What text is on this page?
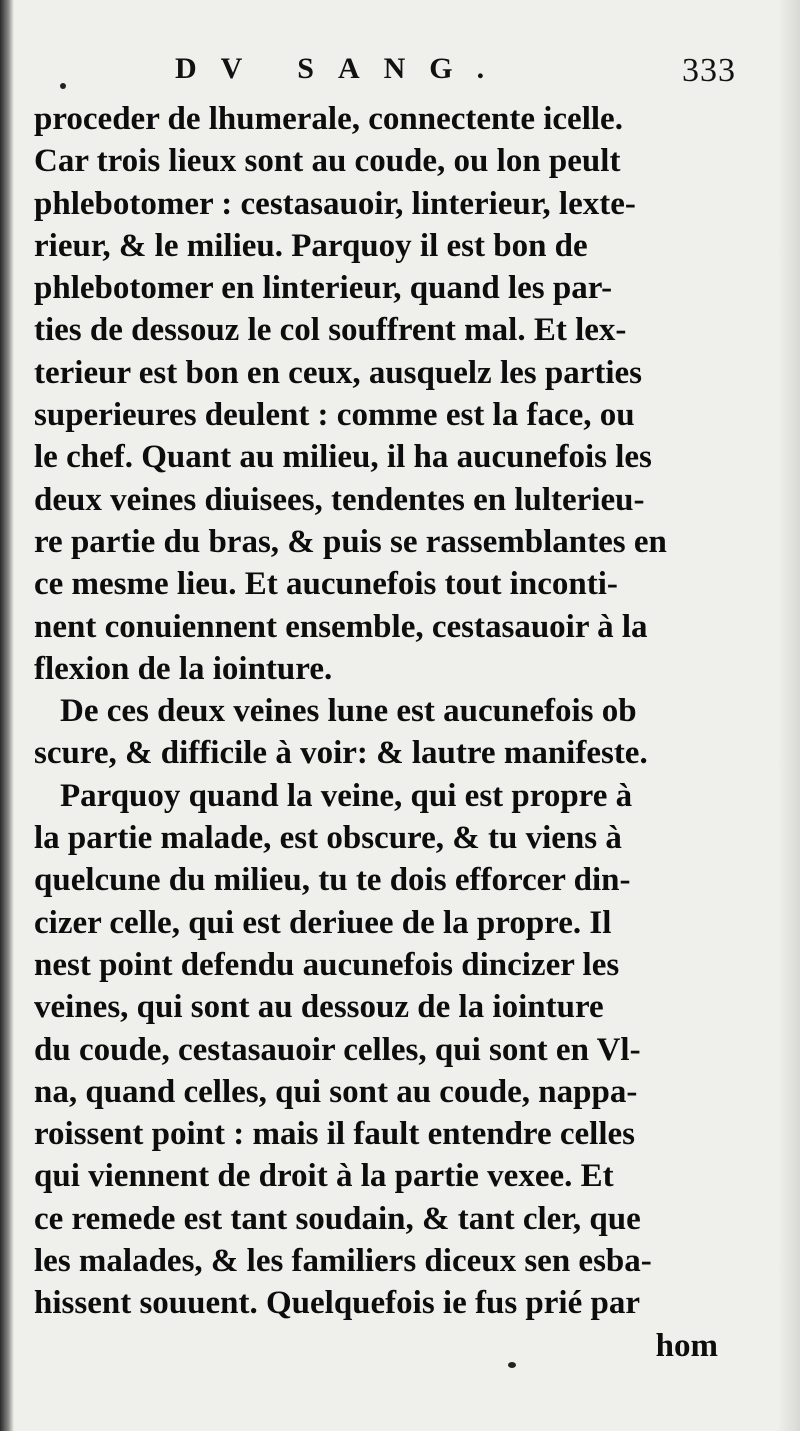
DV SANG.	333
proceder de lhumerale, connectente icelle.
Car trois lieux sont au coude, ou lon peult
phlebotomer : cestasauoir, linterieur, lexte-
rieur, & le milieu. Parquoy il est bon de
phlebotomer en linterieur, quand les par-
ties de dessouz le col souffrent mal. Et lex-
terieur est bon en ceux, ausquelz les parties
superieures deulent : comme est la face, ou
le chef. Quant au milieu, il ha aucunefois les
deux veines diuisees, tendentes en lulterieu-
re partie du bras, & puis se rassemblantes en
ce mesme lieu. Et aucunefois tout inconti-
nent conuiennent ensemble, cestasauoir à la
flexion de la iointure.
De ces deux veines lune est aucunefois ob
scure, & difficile à voir: & lautre manifeste.
Parquoy quand la veine, qui est propre à
la partie malade, est obscure, & tu viens à
quelcune du milieu, tu te dois efforcer din-
cizer celle, qui est deriuee de la propre. Il
nest point defendu aucunefois dincizer les
veines, qui sont au dessouz de la iointure
du coude, cestasauoir celles, qui sont en Vl-
na, quand celles, qui sont au coude, nappa-
roissent point : mais il fault entendre celles
qui viennent de droit à la partie vexee. Et
ce remede est tant soudain, & tant cler, que
les malades, & les familiers diceux sen esba-
hissent souuent. Quelquefois ie fus prié par
hom
